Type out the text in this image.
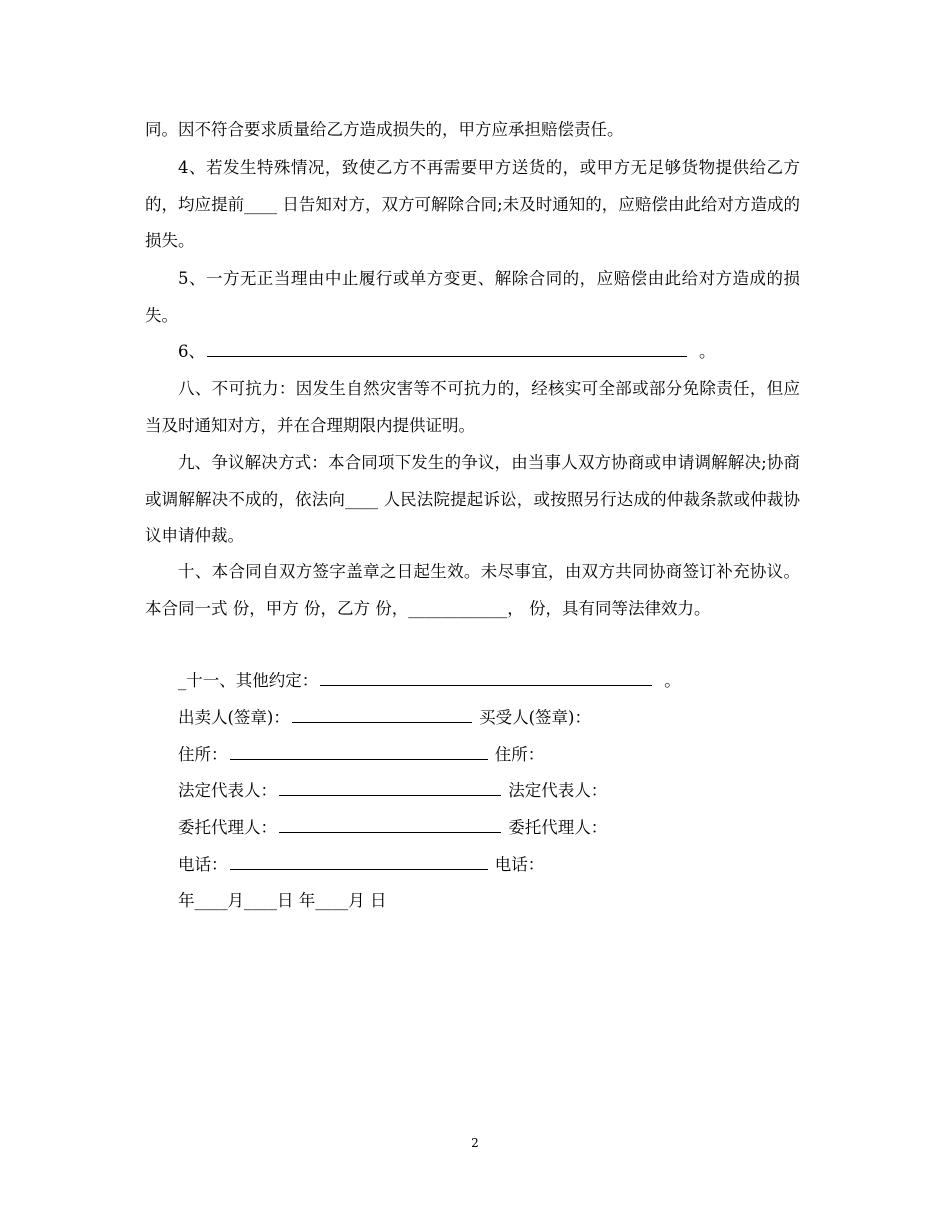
同。因不符合要求质量给乙方造成损失的，甲方应承担赔偿责任。

4、若发生特殊情况，致使乙方不再需要甲方送货的，或甲方无足够货物提供给乙方的，均应提前____ 日告知对方，双方可解除合同;未及时通知的，应赔偿由此给对方造成的损失。

5、一方无正当理由中止履行或单方变更、解除合同的，应赔偿由此给对方造成的损失。

6、	。

八、不可抗力：因发生自然灾害等不可抗力的，经核实可全部或部分免除责任，但应当及时通知对方，并在合理期限内提供证明。

九、争议解决方式：本合同项下发生的争议，由当事人双方协商或申请调解解决;协商或调解解决不成的，依法向____ 人民法院提起诉讼，或按照另行达成的仲裁条款或仲裁协议申请仲裁。

十、本合同自双方签字盖章之日起生效。未尽事宜，由双方共同协商签订补充协议。本合同一式 份，甲方 份，乙方 份，____________， 份，具有同等法律效力。

_十一、其他约定：	。

出卖人(签章)：	买受人(签章)：

住所：	住所：

法定代表人：	法定代表人：

委托代理人：	委托代理人：

电话：	电话：

年____月____日 年____月 日

2
